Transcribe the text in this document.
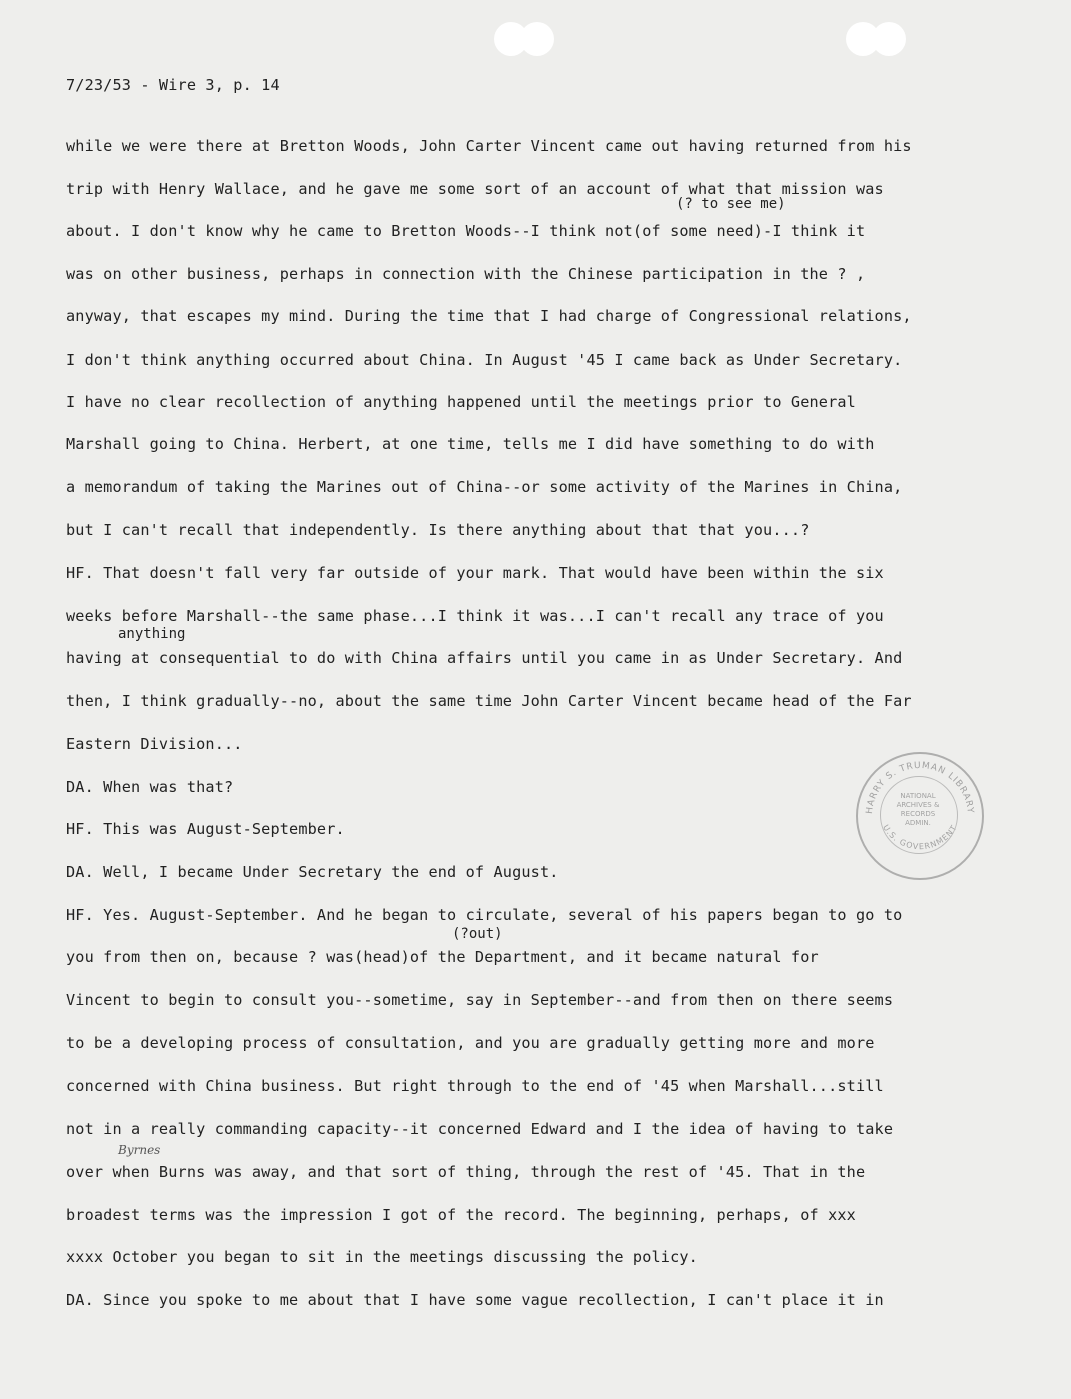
7/23/53 - Wire 3, p. 14
while we were there at Bretton Woods, John Carter Vincent came out having returned from his
trip with Henry Wallace, and he gave me some sort of an account of what that mission was
(? to see me)
about. I don't know why he came to Bretton Woods--I think not(of some need)-I think it
was on other business, perhaps in connection with the Chinese participation in the ? ,
anyway, that escapes my mind. During the time that I had charge of Congressional relations,
I don't think anything occurred about China. In August '45 I came back as Under Secretary.
I have no clear recollection of anything happened until the meetings prior to General
Marshall going to China. Herbert, at one time, tells me I did have something to do with
a memorandum of taking the Marines out of China--or some activity of the Marines in China,
but I can't recall that independently. Is there anything about that that you...?
HF. That doesn't fall very far outside of your mark. That would have been within the six
weeks before Marshall--the same phase...I think it was...I can't recall any trace of you
anything
having at consequential to do with China affairs until you came in as Under Secretary. And
then, I think gradually--no, about the same time John Carter Vincent became head of the Far
Eastern Division...
DA. When was that?
HF. This was August-September.
DA. Well, I became Under Secretary the end of August.
HF. Yes. August-September. And he began to circulate, several of his papers began to go to
(?out)
you from then on, because ? was(head)of the Department, and it became natural for
Vincent to begin to consult you--sometime, say in September--and from then on there seems
to be a developing process of consultation, and you are gradually getting more and more
concerned with China business. But right through to the end of '45 when Marshall...still
not in a really commanding capacity--it concerned Edward and I the idea of having to take
Byrnes
over when Burns was away, and that sort of thing, through the rest of '45. That in the
broadest terms was the impression I got of the record. The beginning, perhaps, of xxx
xxxx October you began to sit in the meetings discussing the policy.
DA. Since you spoke to me about that I have some vague recollection, I can't place it in
HARRY S. TRUMAN LIBRARY
U.S. GOVERNMENT
NATIONAL ARCHIVES & RECORDS ADMIN.
